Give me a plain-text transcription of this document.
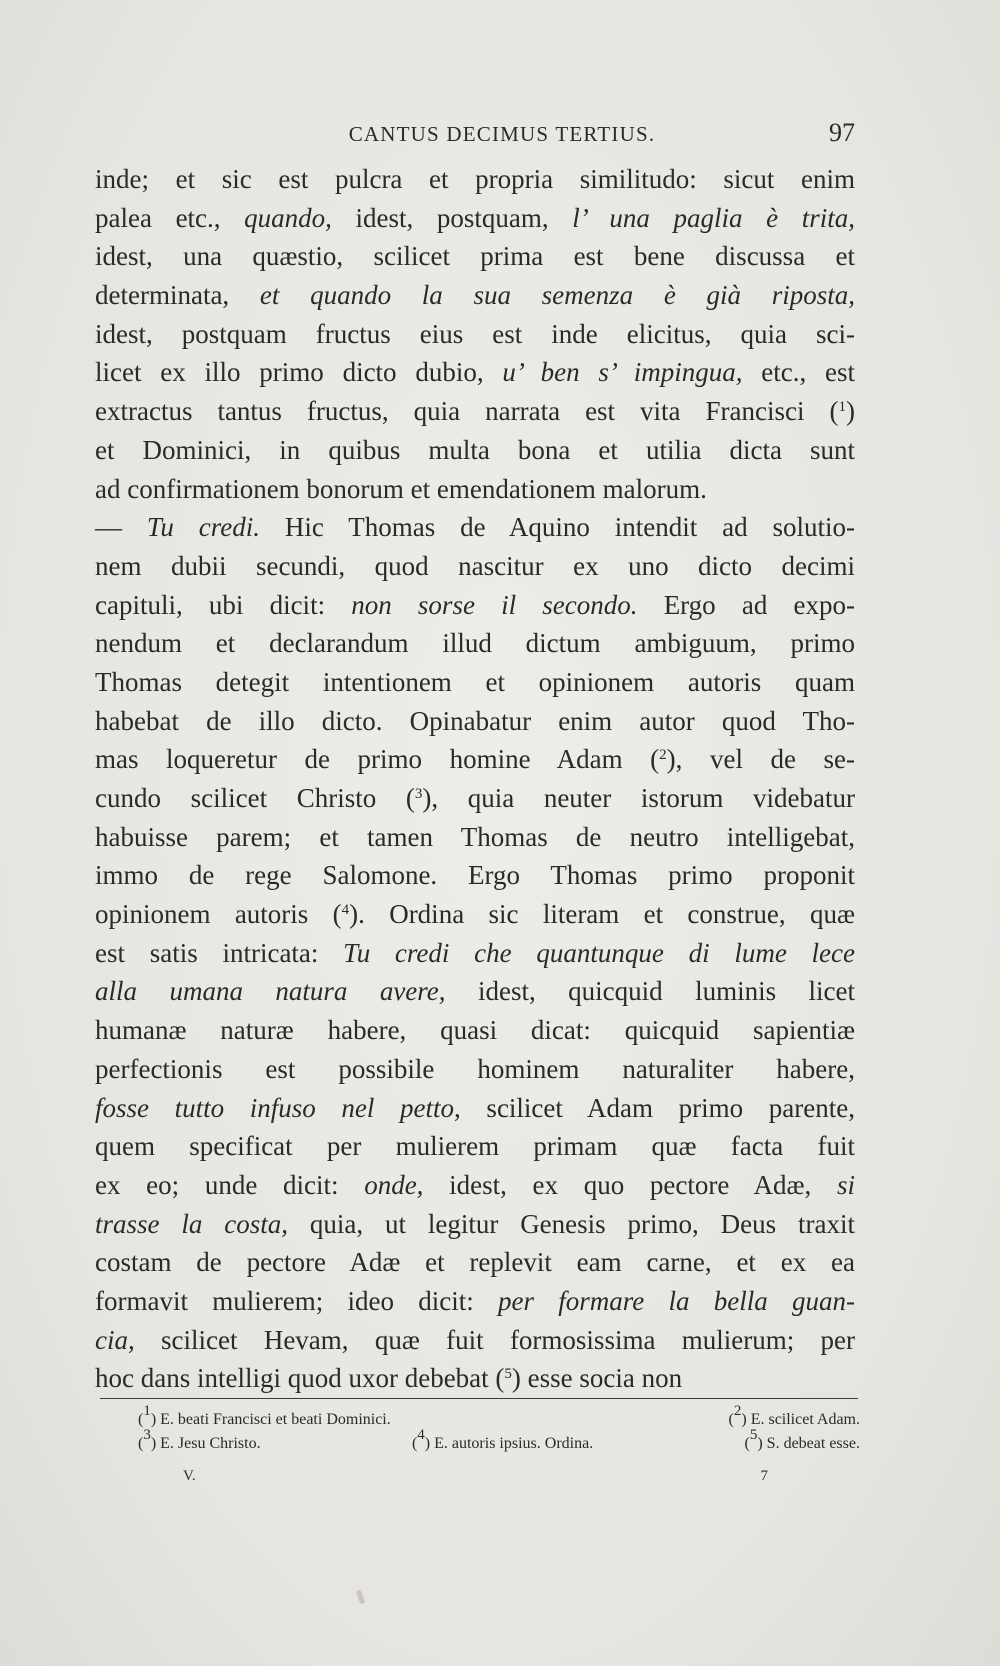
CANTUS DECIMUS TERTIUS.	97
inde; et sic est pulcra et propria similitudo: sicut enim
palea etc., quando, idest, postquam, l’ una paglia è trita,
idest, una quæstio, scilicet prima est bene discussa et
determinata, et quando la sua semenza è già riposta,
idest, postquam fructus eius est inde elicitus, quia sci-
licet ex illo primo dicto dubio, u’ ben s’ impingua, etc., est
extractus tantus fructus, quia narrata est vita Francisci ($^1$)
et Dominici, in quibus multa bona et utilia dicta sunt
ad confirmationem bonorum et emendationem malorum.
— Tu credi. Hic Thomas de Aquino intendit ad solutio-
nem dubii secundi, quod nascitur ex uno dicto decimi
capituli, ubi dicit: non sorse il secondo. Ergo ad expo-
nendum et declarandum illud dictum ambiguum, primo
Thomas detegit intentionem et opinionem autoris quam
habebat de illo dicto. Opinabatur enim autor quod Tho-
mas loqueretur de primo homine Adam ($^2$), vel de se-
cundo scilicet Christo ($^3$), quia neuter istorum videbatur
habuisse parem; et tamen Thomas de neutro intelligebat,
immo de rege Salomone. Ergo Thomas primo proponit
opinionem autoris ($^4$). Ordina sic literam et construe, quæ
est satis intricata: Tu credi che quantunque di lume lece
alla umana natura avere, idest, quicquid luminis licet
humanæ naturæ habere, quasi dicat: quicquid sapientiæ
perfectionis est possibile hominem naturaliter habere,
fosse tutto infuso nel petto, scilicet Adam primo parente,
quem specificat per mulierem primam quæ facta fuit
ex eo; unde dicit: onde, idest, ex quo pectore Adæ, si
trasse la costa, quia, ut legitur Genesis primo, Deus traxit
costam de pectore Adæ et replevit eam carne, et ex ea
formavit mulierem; ideo dicit: per formare la bella guan-
cia, scilicet Hevam, quæ fuit formosissima mulierum; per
hoc dans intelligi quod uxor debebat ($^5$) esse socia non
($^1$) E. beati Francisci et beati Dominici.	($^2$) E. scilicet Adam.
($^3$) E. Jesu Christo.	($^4$) E. autoris ipsius. Ordina.	($^5$) S. debeat esse.
V.	7
